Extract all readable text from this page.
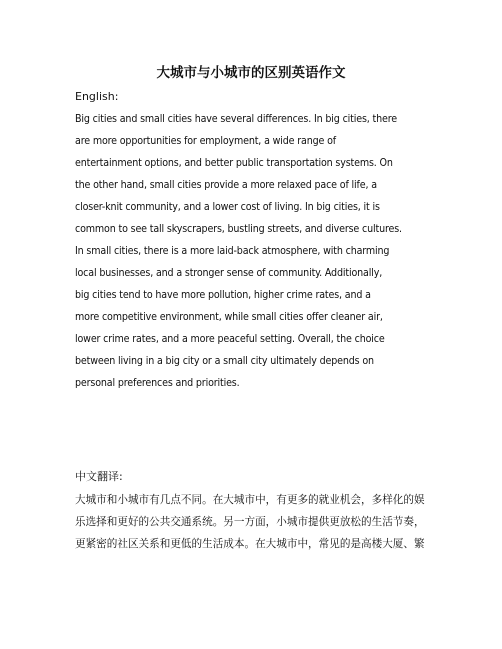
大城市与小城市的区别英语作文
English:
Big cities and small cities have several differences. In big cities, there
are more opportunities for employment, a wide range of
entertainment options, and better public transportation systems. On
the other hand, small cities provide a more relaxed pace of life, a
closer-knit community, and a lower cost of living. In big cities, it is
common to see tall skyscrapers, bustling streets, and diverse cultures.
In small cities, there is a more laid-back atmosphere, with charming
local businesses, and a stronger sense of community. Additionally,
big cities tend to have more pollution, higher crime rates, and a
more competitive environment, while small cities offer cleaner air,
lower crime rates, and a more peaceful setting. Overall, the choice
between living in a big city or a small city ultimately depends on
personal preferences and priorities.
中文翻译:
大城市和小城市有几点不同。在大城市中，有更多的就业机会，多样化的娱
乐选择和更好的公共交通系统。另一方面，小城市提供更放松的生活节奏，
更紧密的社区关系和更低的生活成本。在大城市中，常见的是高楼大厦、繁
